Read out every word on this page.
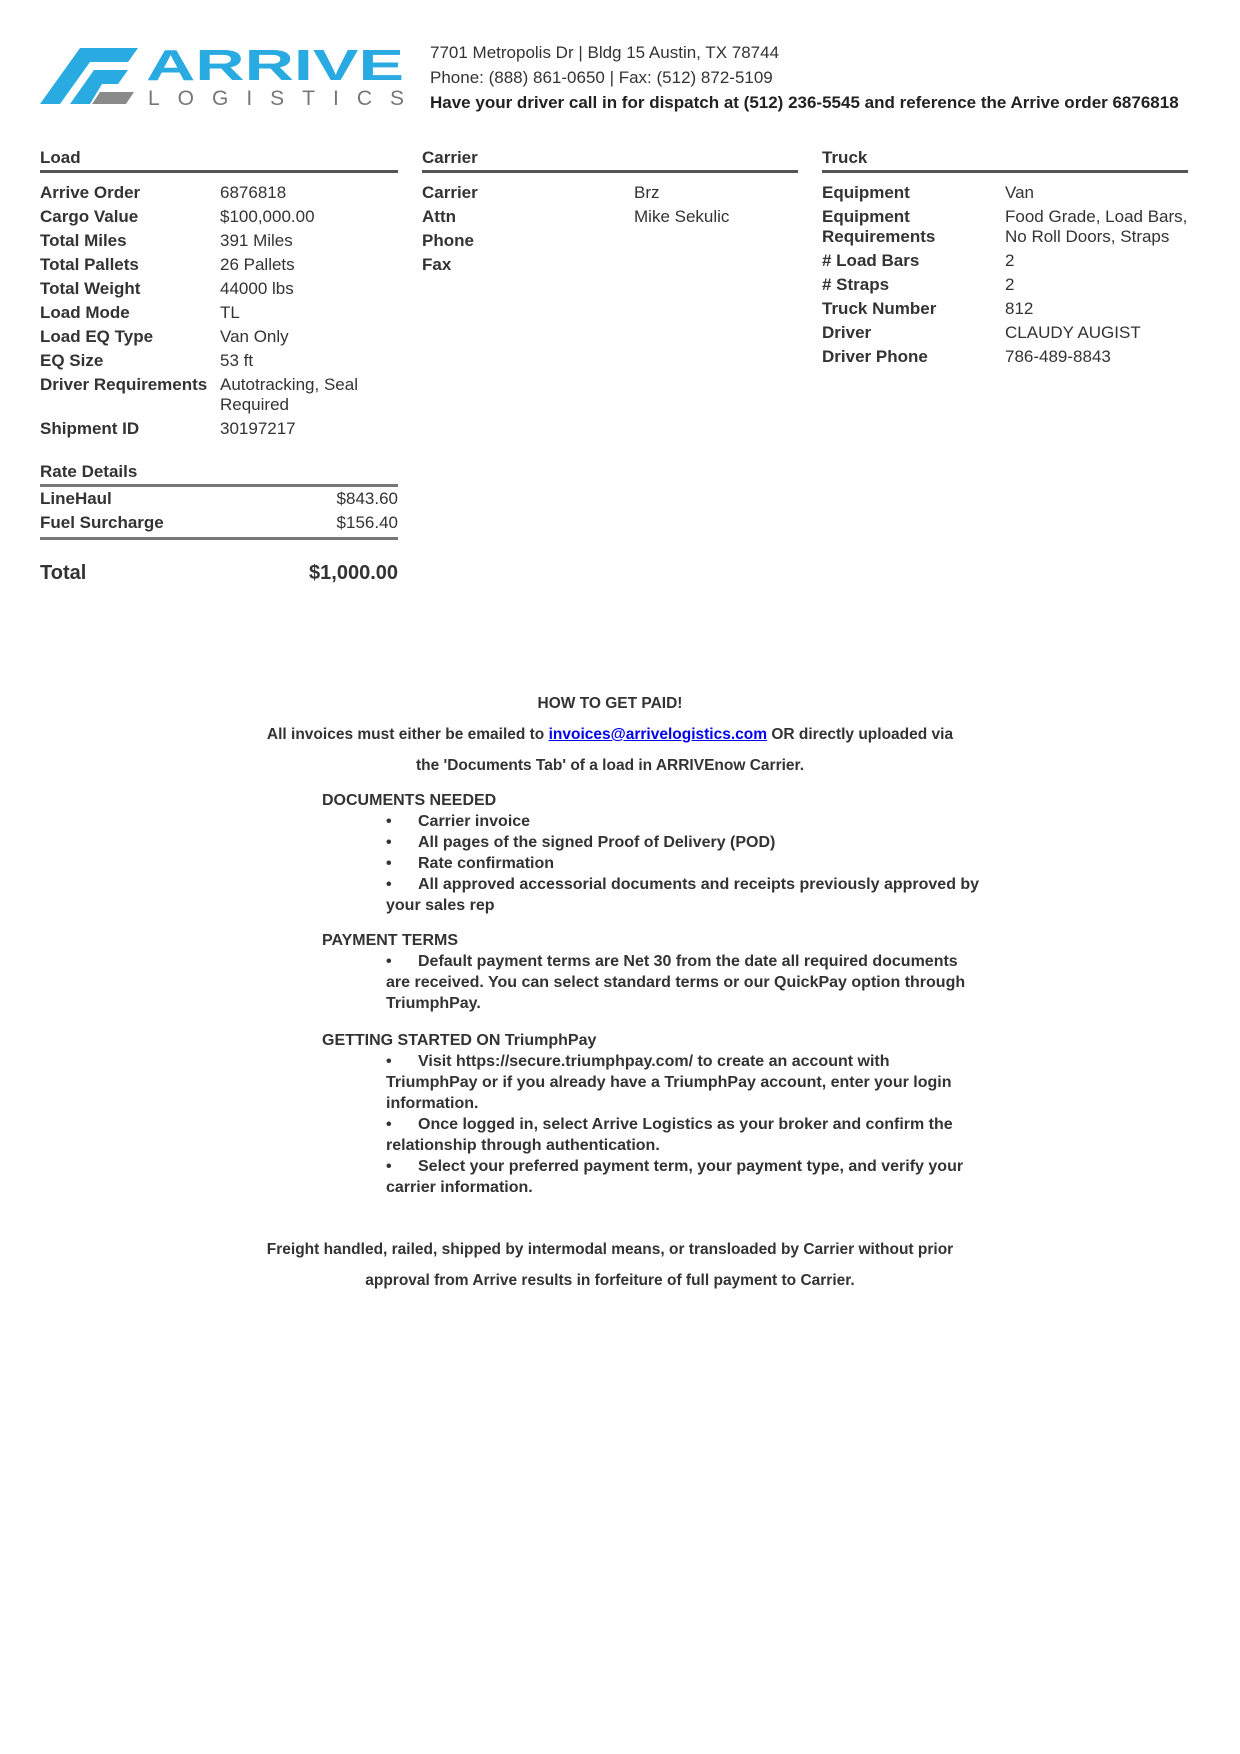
ARRIVE
LOGISTICS
7701 Metropolis Dr | Bldg 15 Austin, TX 78744
Phone: (888) 861-0650 | Fax: (512) 872-5109
Have your driver call in for dispatch at (512) 236-5545 and reference the Arrive order 6876818
Load
Arrive Order	6876818
Cargo Value	$100,000.00
Total Miles	391 Miles
Total Pallets	26 Pallets
Total Weight	44000 lbs
Load Mode	TL
Load EQ Type	Van Only
EQ Size	53 ft
Driver Requirements	Autotracking, Seal Required
Shipment ID	30197217
Carrier
Carrier	Brz
Attn	Mike Sekulic
Phone	
Fax	
Truck
Equipment	Van
Equipment Requirements	Food Grade, Load Bars, No Roll Doors, Straps
# Load Bars	2
# Straps	2
Truck Number	812
Driver	CLAUDY AUGIST
Driver Phone	786-489-8843
Rate Details
LineHaul	$843.60
Fuel Surcharge	$156.40
Total	$1,000.00
HOW TO GET PAID!
All invoices must either be emailed to invoices@arrivelogistics.com OR directly uploaded via
the 'Documents Tab' of a load in ARRIVEnow Carrier.
DOCUMENTS NEEDED
• Carrier invoice
• All pages of the signed Proof of Delivery (POD)
• Rate confirmation
• All approved accessorial documents and receipts previously approved by your sales rep
PAYMENT TERMS
• Default payment terms are Net 30 from the date all required documents are received. You can select standard terms or our QuickPay option through TriumphPay.
GETTING STARTED ON TriumphPay
• Visit https://secure.triumphpay.com/ to create an account with TriumphPay or if you already have a TriumphPay account, enter your login information.
• Once logged in, select Arrive Logistics as your broker and confirm the relationship through authentication.
• Select your preferred payment term, your payment type, and verify your carrier information.
Freight handled, railed, shipped by intermodal means, or transloaded by Carrier without prior
approval from Arrive results in forfeiture of full payment to Carrier.
